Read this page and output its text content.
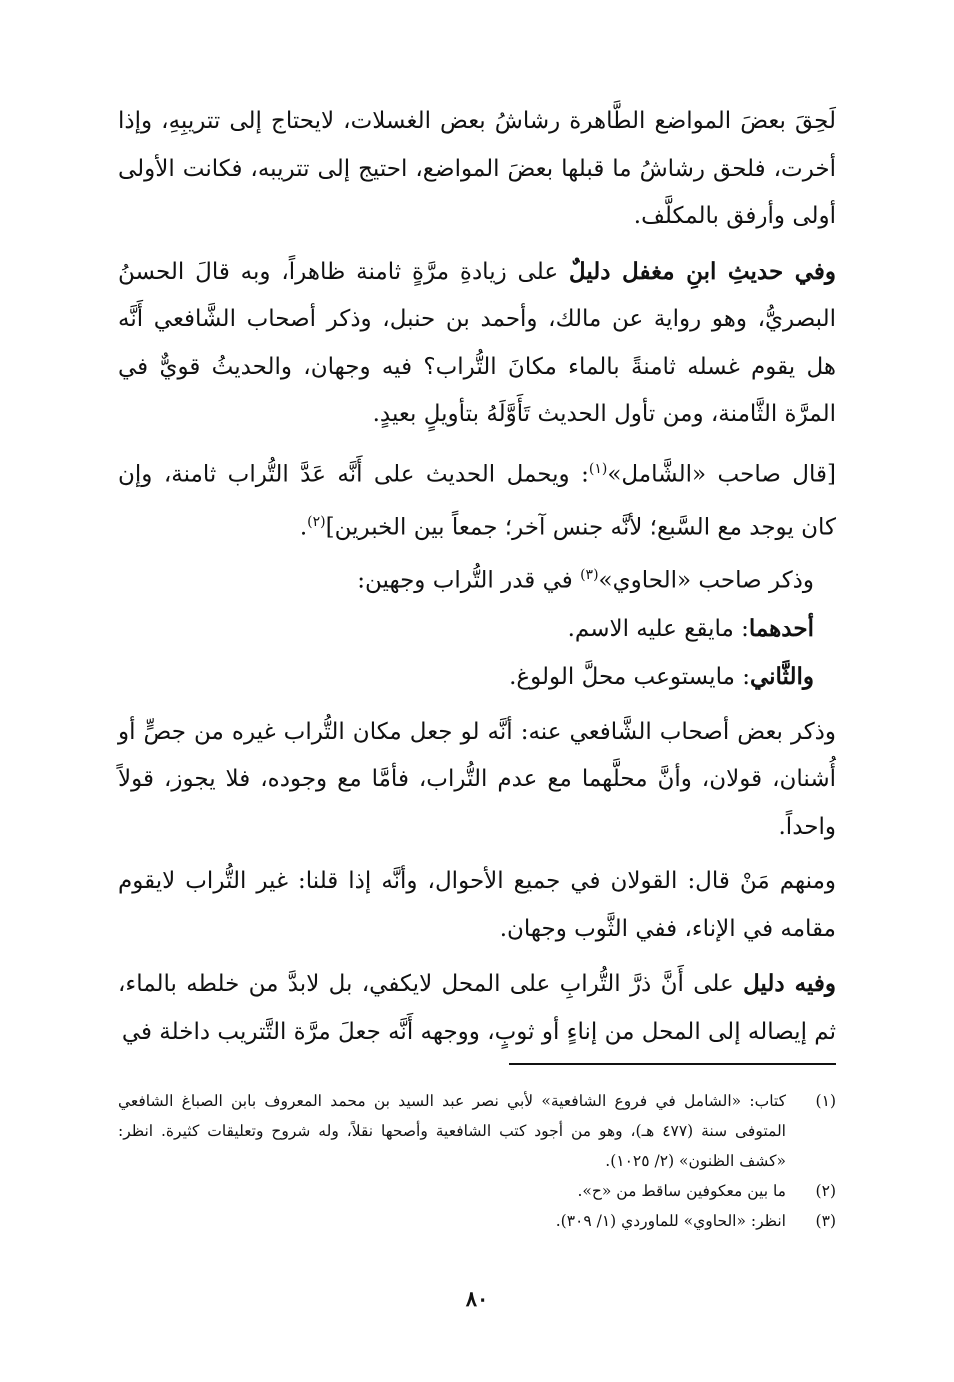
لَحِقَ بعضَ المواضع الطَّاهرة رشاشُ بعض الغسلات، لايحتاج إلى تتريبِهِ، وإذا أخرت، فلحق رشاشُ ما قبلها بعضَ المواضع، احتيج إلى تتريبه، فكانت الأولى أولى وأرفق بالمكلَّف.

وفي حديثِ ابنِ مغفل دليلٌ على زيادةِ مرَّةٍ ثامنة ظاهراً، وبه قالَ الحسنُ البصريُّ، وهو رواية عن مالك، وأحمد بن حنبل، وذكر أصحاب الشَّافعي أَنَّه هل يقوم غسله ثامنةً بالماء مكانَ التُّراب؟ فيه وجهان، والحديثُ قويٌّ في المرَّة الثَّامنة، ومن تأول الحديث تَأَوَّلَهُ بتأويلٍ بعيدٍ.

[قال صاحب «الشَّامل»$^{(١)}$: ويحمل الحديث على أَنَّه عَدَّ التُّراب ثامنة، وإن كان يوجد مع السَّبع؛ لأنَّه جنس آخر؛ جمعاً بين الخبرين]$^{(٢)}$.

وذكر صاحب «الحاوي»$^{(٣)}$ في قدر التُّراب وجهين:

أحدهما: مايقع عليه الاسم.

والثَّاني: مايستوعب محلَّ الولوغ.

وذكر بعض أصحاب الشَّافعي عنه: أنَّه لو جعل مكان التُّراب غيره من جصٍّ أو أُشنان، قولان، وأنَّ محلَّهما مع عدم التُّراب، فأمَّا مع وجوده، فلا يجوز، قولاً واحداً.

ومنهم مَنْ قال: القولان في جميع الأحوال، وأنَّه إذا قلنا: غير التُّراب لايقوم مقامه في الإناء، ففي الثَّوب وجهان.

وفيه دليل على أَنَّ ذرَّ التُّرابِ على المحل لايكفي، بل لابدَّ من خلطه بالماء، ثم إيصاله إلى المحل من إناءٍ أو ثوبٍ، ووجهه أَنَّه جعلَ مرَّة التَّتريب داخلة في

(١)
كتاب: «الشامل في فروع الشافعية» لأبي نصر عبد السيد بن محمد المعروف بابن الصباغ الشافعي المتوفى سنة (٤٧٧ هـ)، وهو من أجود كتب الشافعية وأصحها نقلاً، وله شروح وتعليقات كثيرة. انظر: «كشف الظنون» (٢/ ١٠٢٥).
(٢)
ما بين معكوفين ساقط من «ح».
(٣)
انظر: «الحاوي» للماوردي (١/ ٣٠٩).
٨٠
